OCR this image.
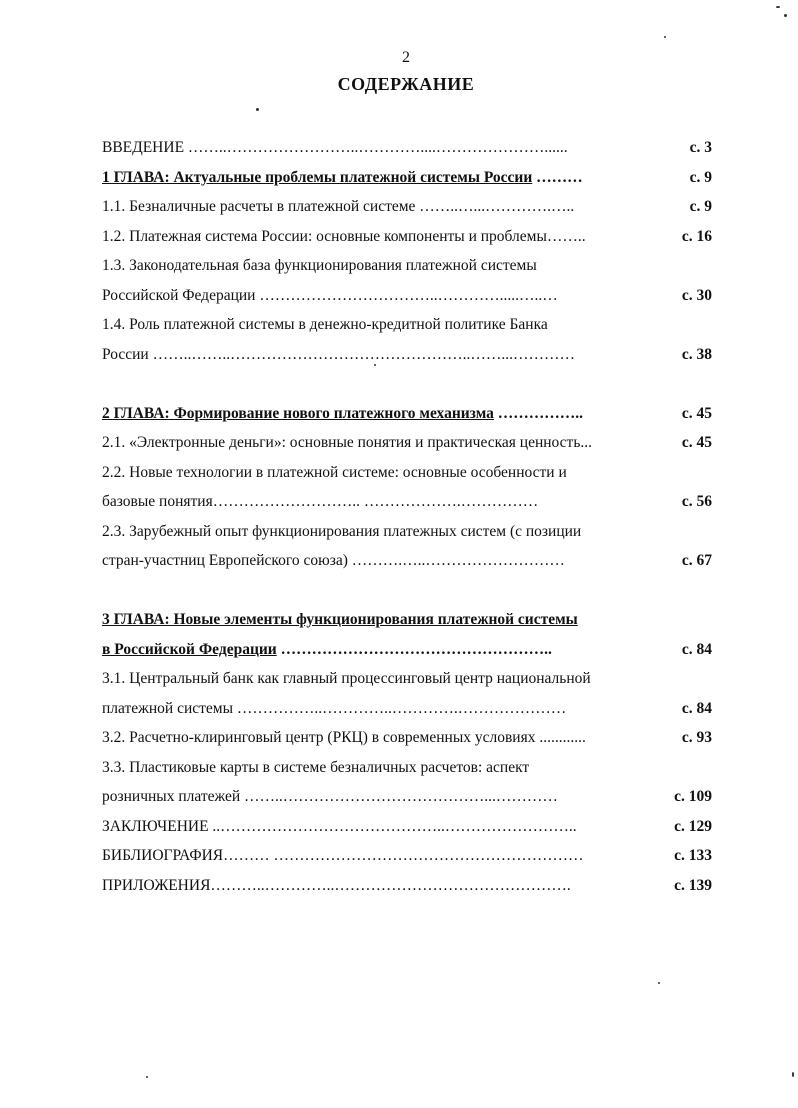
2
СОДЕРЖАНИЕ
ВВЕДЕНИЕ ……..……………………..…………....…………………......	с. 3
1 ГЛАВА: Актуальные проблемы платежной системы России ………	с. 9
1.1. Безналичные расчеты в платежной системе ……..…...………….…..	с. 9
1.2. Платежная система России: основные компоненты и проблемы……..	с. 16
1.3. Законодательная база функционирования платежной системы
Российской Федерации ……………………………..………….....…..…	с. 30
1.4. Роль платежной системы в денежно-кредитной политике Банка
России ……..……..………………………………………..……...…………	с. 38
2 ГЛАВА: Формирование нового платежного механизма ……………..	с. 45
2.1. «Электронные деньги»: основные понятия и практическая ценность...	с. 45
2.2. Новые технологии в платежной системе: основные особенности и
базовые понятия……………………….. ……………….……………	с. 56
2.3. Зарубежный опыт функционирования платежных систем (с позиции
стран-участниц Европейского союза) ……….…..………………………	с. 67
3 ГЛАВА: Новые элементы функционирования платежной системы
в Российской Федерации ……………………………………………..	с. 84
3.1. Центральный банк как главный процессинговый центр национальной
платежной системы ……………..…………..………….…………………	с. 84
3.2. Расчетно-клиринговый центр (РКЦ) в современных условиях ............	с. 93
3.3. Пластиковые карты в системе безналичных расчетов: аспект
розничных платежей ……..…………………………………...…………	с. 109
ЗАКЛЮЧЕНИЕ ..……………………………………..……………………..	с. 129
БИБЛИОГРАФИЯ……… ……………………………………………………	с. 133
ПРИЛОЖЕНИЯ………..…………..……………………………………….	с. 139
